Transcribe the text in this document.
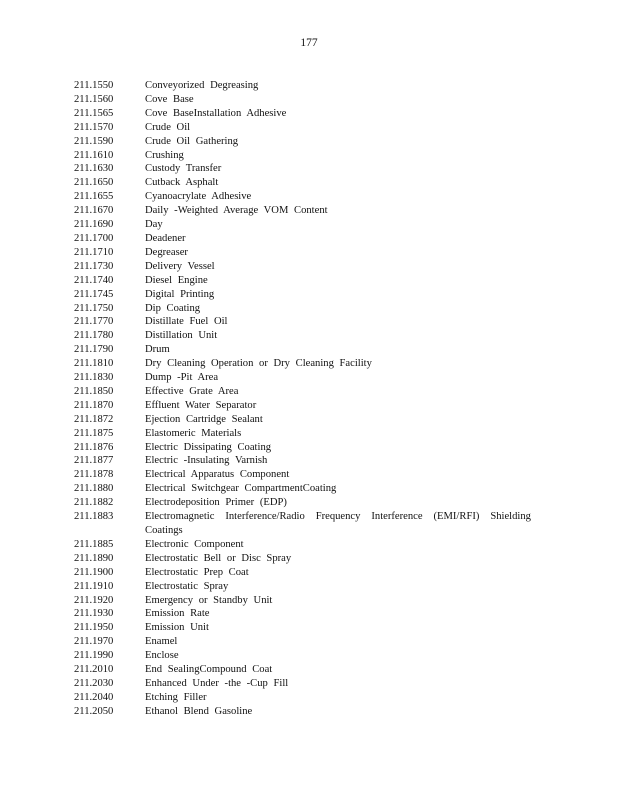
177
211.1550	Conveyorized Degreasing
211.1560	Cove Base
211.1565	Cove BaseInstallation Adhesive
211.1570	Crude Oil
211.1590	Crude Oil Gathering
211.1610	Crushing
211.1630	Custody Transfer
211.1650	Cutback Asphalt
211.1655	Cyanoacrylate Adhesive
211.1670	Daily -Weighted Average VOM Content
211.1690	Day
211.1700	Deadener
211.1710	Degreaser
211.1730	Delivery Vessel
211.1740	Diesel Engine
211.1745	Digital Printing
211.1750	Dip Coating
211.1770	Distillate Fuel Oil
211.1780	Distillation Unit
211.1790	Drum
211.1810	Dry Cleaning Operation or Dry Cleaning Facility
211.1830	Dump -Pit Area
211.1850	Effective Grate Area
211.1870	Effluent Water Separator
211.1872	Ejection Cartridge Sealant
211.1875	Elastomeric Materials
211.1876	Electric Dissipating Coating
211.1877	Electric -Insulating Varnish
211.1878	Electrical Apparatus Component
211.1880	Electrical Switchgear CompartmentCoating
211.1882	Electrodeposition Primer (EDP)
211.1883	Electromagnetic Interference/Radio Frequency Interference (EMI/RFI) Shielding
Coatings
211.1885	Electronic Component
211.1890	Electrostatic Bell or Disc Spray
211.1900	Electrostatic Prep Coat
211.1910	Electrostatic Spray
211.1920	Emergency or Standby Unit
211.1930	Emission Rate
211.1950	Emission Unit
211.1970	Enamel
211.1990	Enclose
211.2010	End SealingCompound Coat
211.2030	Enhanced Under -the -Cup Fill
211.2040	Etching Filler
211.2050	Ethanol Blend Gasoline
